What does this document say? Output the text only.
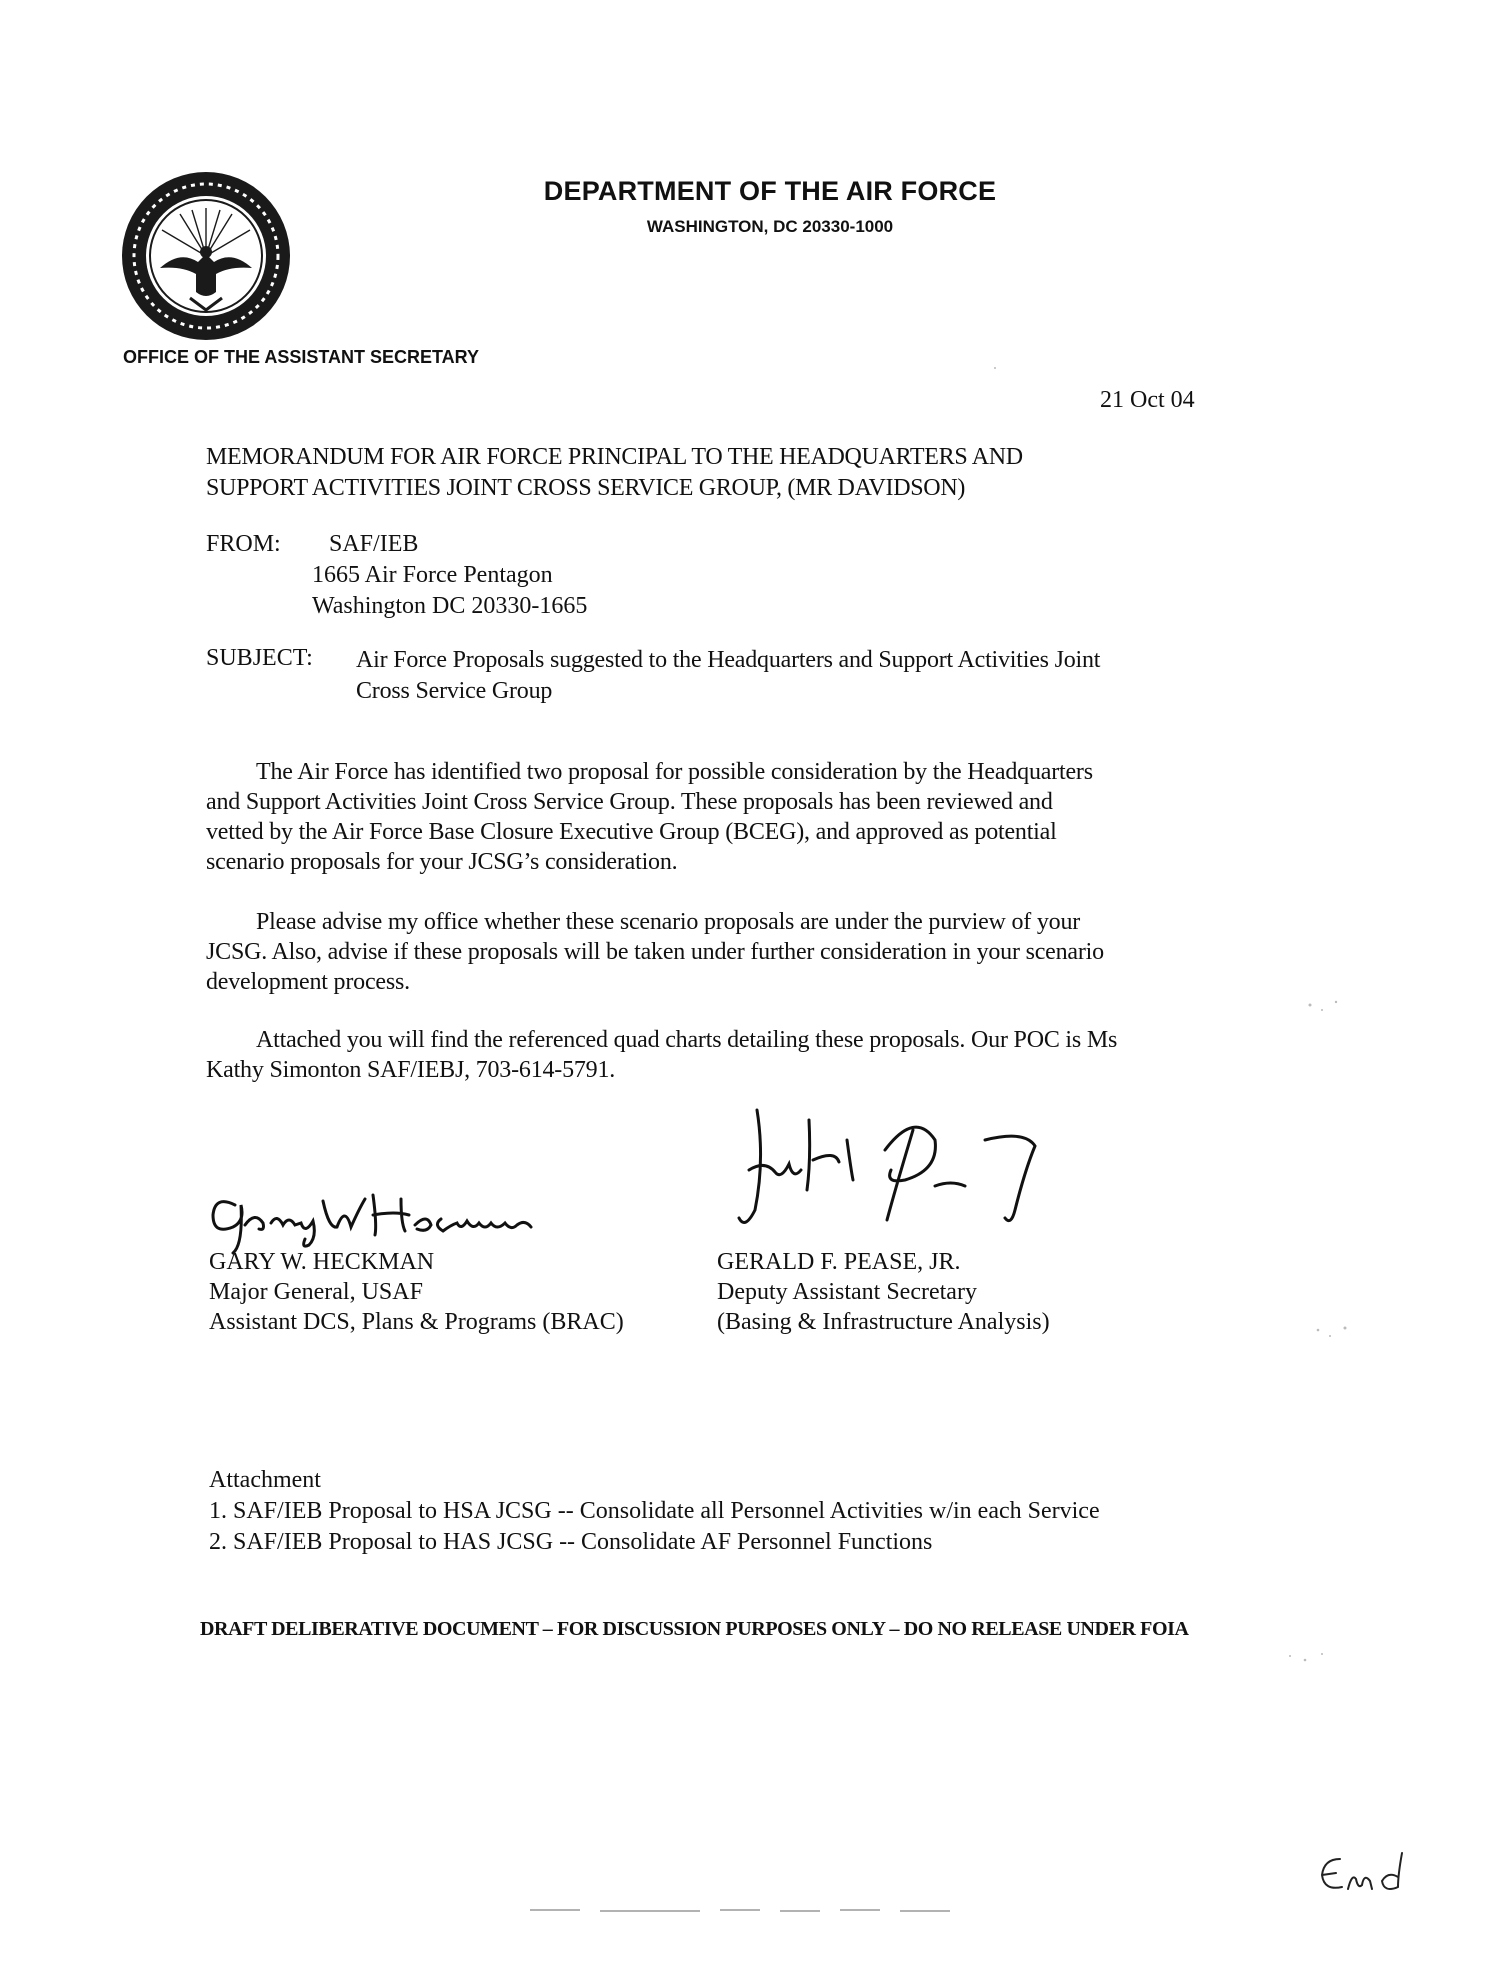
DEPARTMENT OF THE AIR FORCE
WASHINGTON, DC 20330-1000
OFFICE OF THE ASSISTANT SECRETARY
21 Oct 04
MEMORANDUM FOR AIR FORCE PRINCIPAL TO THE HEADQUARTERS AND
SUPPORT ACTIVITIES JOINT CROSS SERVICE GROUP, (MR DAVIDSON)
FROM: SAF/IEB
1665 Air Force Pentagon
Washington DC 20330-1665
SUBJECT: Air Force Proposals suggested to the Headquarters and Support Activities Joint
Cross Service Group
The Air Force has identified two proposal for possible consideration by the Headquarters
and Support Activities Joint Cross Service Group. These proposals has been reviewed and
vetted by the Air Force Base Closure Executive Group (BCEG), and approved as potential
scenario proposals for your JCSG’s consideration.
Please advise my office whether these scenario proposals are under the purview of your
JCSG. Also, advise if these proposals will be taken under further consideration in your scenario
development process.
Attached you will find the referenced quad charts detailing these proposals. Our POC is Ms
Kathy Simonton SAF/IEBJ, 703-614-5791.
GARY W. HECKMAN
Major General, USAF
Assistant DCS, Plans & Programs (BRAC)
GERALD F. PEASE, JR.
Deputy Assistant Secretary
(Basing & Infrastructure Analysis)
Attachment
1. SAF/IEB Proposal to HSA JCSG -- Consolidate all Personnel Activities w/in each Service
2. SAF/IEB Proposal to HAS JCSG -- Consolidate AF Personnel Functions
DRAFT DELIBERATIVE DOCUMENT – FOR DISCUSSION PURPOSES ONLY – DO NO RELEASE UNDER FOIA
